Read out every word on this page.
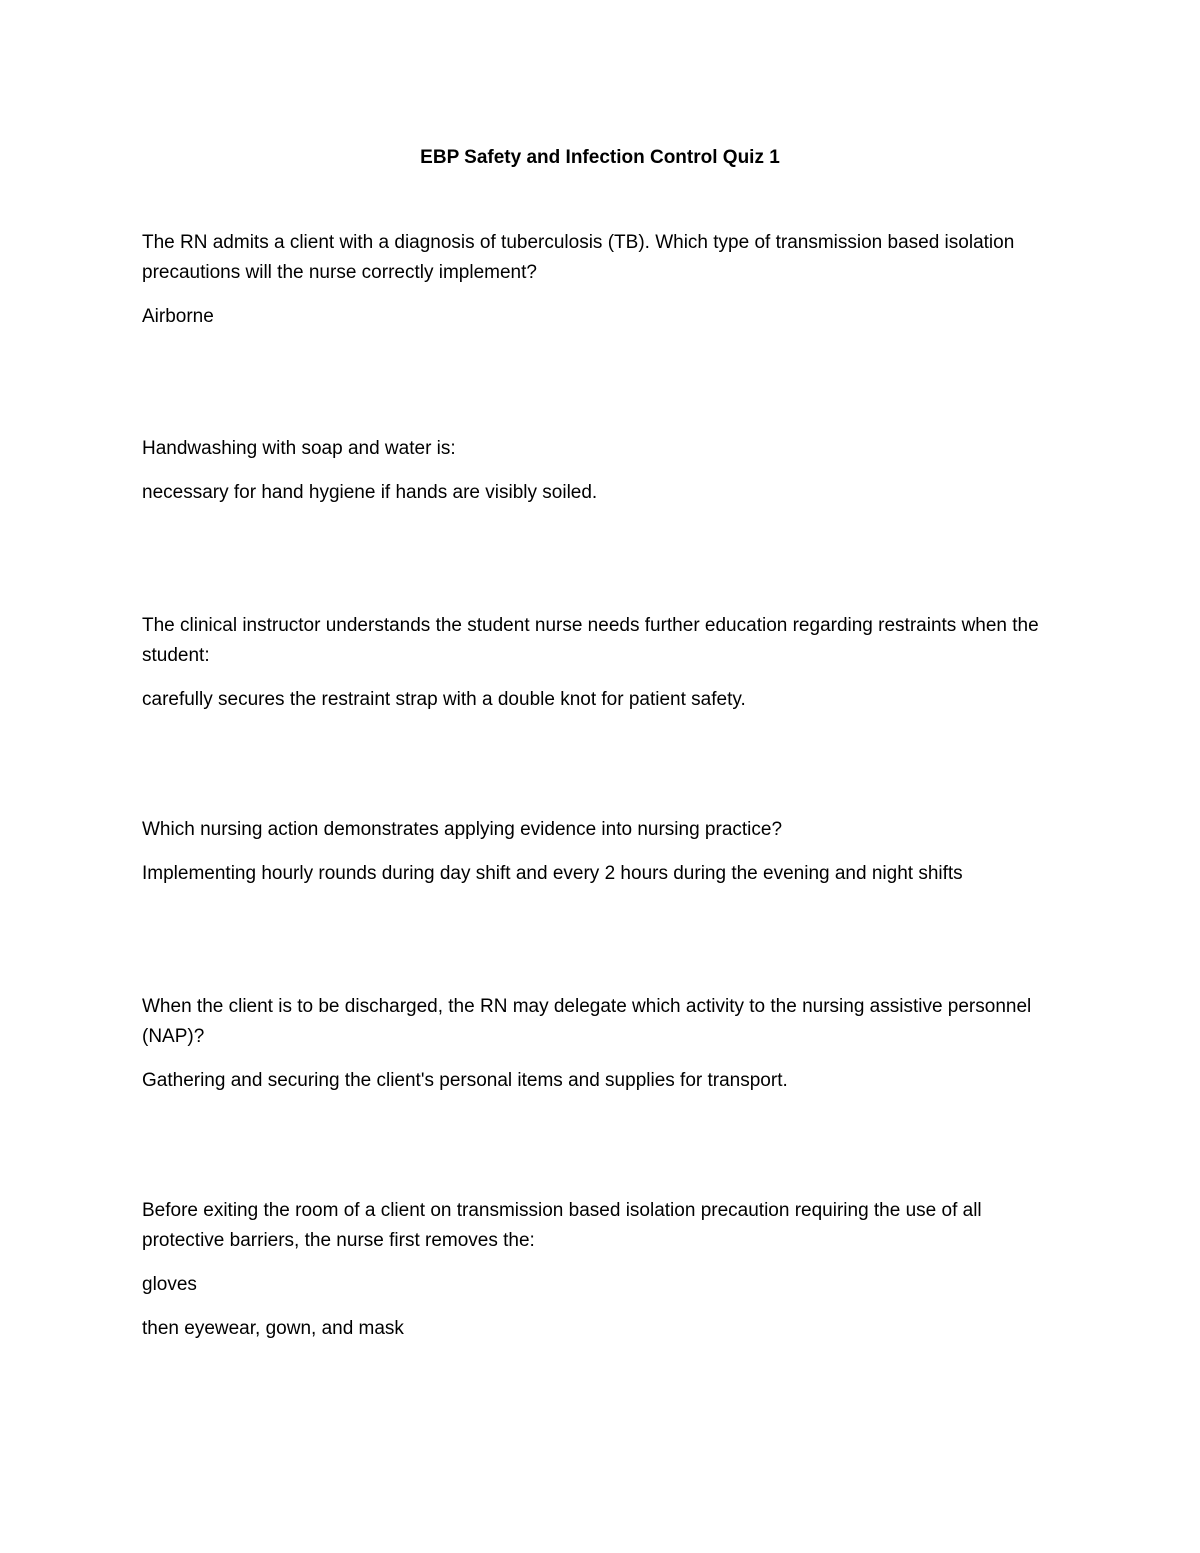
EBP Safety and Infection Control Quiz 1

The RN admits a client with a diagnosis of tuberculosis (TB). Which type of transmission based isolation precautions will the nurse correctly implement?

Airborne

Handwashing with soap and water is:

necessary for hand hygiene if hands are visibly soiled.

The clinical instructor understands the student nurse needs further education regarding restraints when the student:

carefully secures the restraint strap with a double knot for patient safety.

Which nursing action demonstrates applying evidence into nursing practice?

Implementing hourly rounds during day shift and every 2 hours during the evening and night shifts

When the client is to be discharged, the RN may delegate which activity to the nursing assistive personnel (NAP)?

Gathering and securing the client's personal items and supplies for transport.

Before exiting the room of a client on transmission based isolation precaution requiring the use of all protective barriers, the nurse first removes the:

gloves

then eyewear, gown, and mask
